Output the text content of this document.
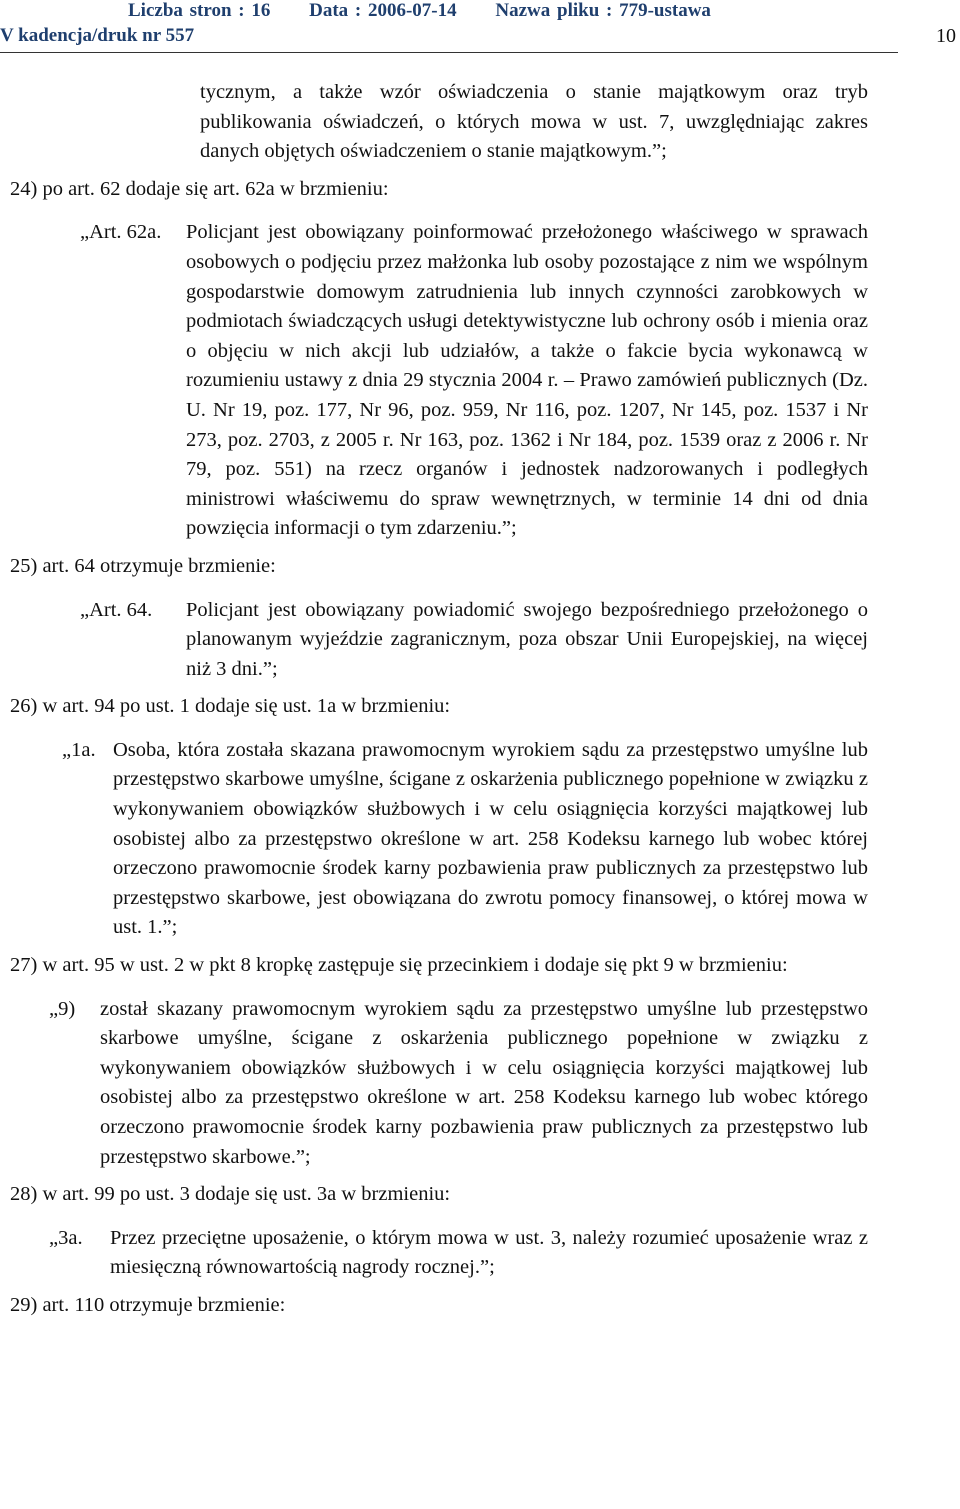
Liczba stron : 16 Data : 2006-07-14 Nazwa pliku : 779-ustawa
V kadencja/druk nr 557	10
tycznym, a także wzór oświadczenia o stanie majątkowym oraz tryb publikowania oświadczeń, o których mowa w ust. 7, uwzględniając zakres danych objętych oświadczeniem o stanie majątkowym.”;
24) po art. 62 dodaje się art. 62a w brzmieniu:
„Art. 62a. Policjant jest obowiązany poinformować przełożonego właściwego w sprawach osobowych o podjęciu przez małżonka lub osoby pozostające z nim we wspólnym gospodarstwie domowym zatrudnienia lub innych czynności zarobkowych w podmiotach świadczących usługi detektywistyczne lub ochrony osób i mienia oraz o objęciu w nich akcji lub udziałów, a także o fakcie bycia wykonawcą w rozumieniu ustawy z dnia 29 stycznia 2004 r. – Prawo zamówień publicznych (Dz. U. Nr 19, poz. 177, Nr 96, poz. 959, Nr 116, poz. 1207, Nr 145, poz. 1537 i Nr 273, poz. 2703, z 2005 r. Nr 163, poz. 1362 i Nr 184, poz. 1539 oraz z 2006 r. Nr 79, poz. 551) na rzecz organów i jednostek nadzorowanych i podległych ministrowi właściwemu do spraw wewnętrznych, w terminie 14 dni od dnia powzięcia informacji o tym zdarzeniu.”;
25) art. 64 otrzymuje brzmienie:
„Art. 64. Policjant jest obowiązany powiadomić swojego bezpośredniego przełożonego o planowanym wyjeździe zagranicznym, poza obszar Unii Europejskiej, na więcej niż 3 dni.”;
26) w art. 94 po ust. 1 dodaje się ust. 1a w brzmieniu:
„1a. Osoba, która została skazana prawomocnym wyrokiem sądu za przestępstwo umyślne lub przestępstwo skarbowe umyślne, ścigane z oskarżenia publicznego popełnione w związku z wykonywaniem obowiązków służbowych i w celu osiągnięcia korzyści majątkowej lub osobistej albo za przestępstwo określone w art. 258 Kodeksu karnego lub wobec której orzeczono prawomocnie środek karny pozbawienia praw publicznych za przestępstwo lub przestępstwo skarbowe, jest obowiązana do zwrotu pomocy finansowej, o której mowa w ust. 1.”;
27) w art. 95 w ust. 2 w pkt 8 kropkę zastępuje się przecinkiem i dodaje się pkt 9 w brzmieniu:
„9) został skazany prawomocnym wyrokiem sądu za przestępstwo umyślne lub przestępstwo skarbowe umyślne, ścigane z oskarżenia publicznego popełnione w związku z wykonywaniem obowiązków służbowych i w celu osiągnięcia korzyści majątkowej lub osobistej albo za przestępstwo określone w art. 258 Kodeksu karnego lub wobec którego orzeczono prawomocnie środek karny pozbawienia praw publicznych za przestępstwo lub przestępstwo skarbowe.”;
28) w art. 99 po ust. 3 dodaje się ust. 3a w brzmieniu:
„3a. Przez przeciętne uposażenie, o którym mowa w ust. 3, należy rozumieć uposażenie wraz z miesięczną równowartością nagrody rocznej.”;
29) art. 110 otrzymuje brzmienie:
